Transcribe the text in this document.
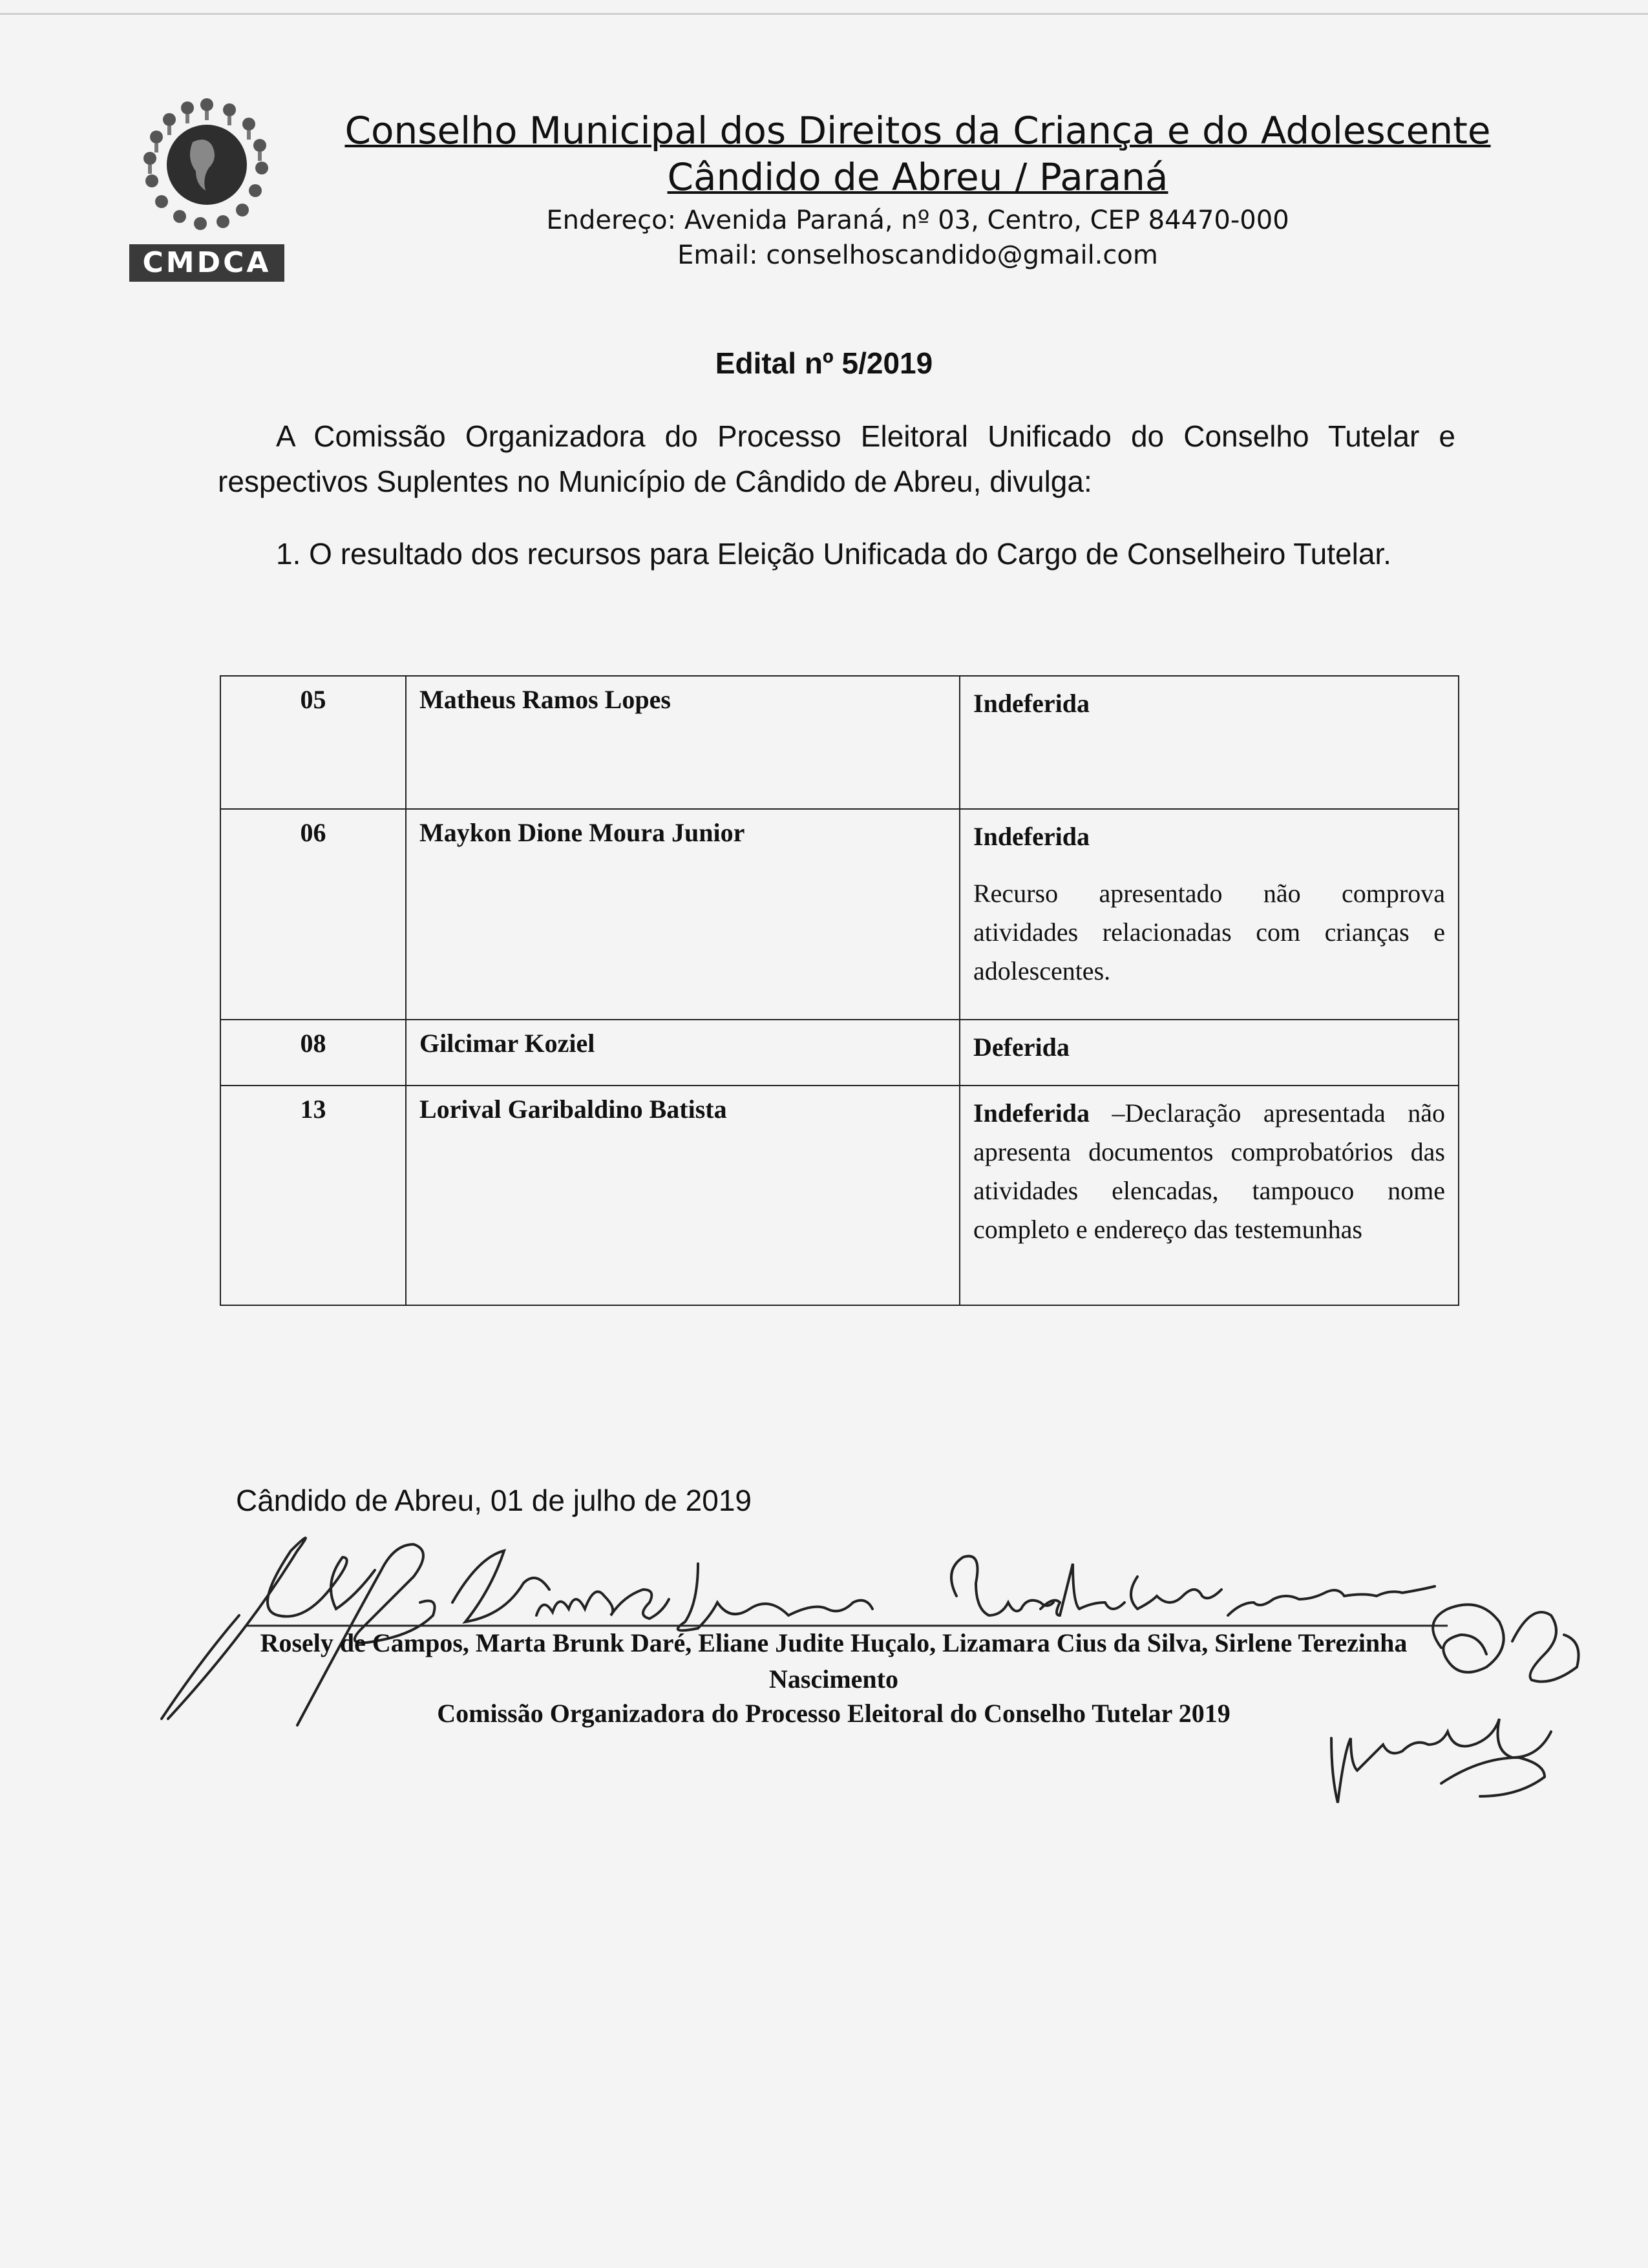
CMDCA
Conselho Municipal dos Direitos da Criança e do Adolescente
Cândido de Abreu / Paraná
Endereço: Avenida Paraná, nº 03, Centro, CEP 84470-000
Email: conselhoscandido@gmail.com
Edital nº 5/2019
A Comissão Organizadora do Processo Eleitoral Unificado do Conselho Tutelar e respectivos Suplentes no Município de Cândido de Abreu, divulga:
1. O resultado dos recursos para Eleição Unificada do Cargo de Conselheiro Tutelar.
05	Matheus Ramos Lopes	Indeferida
06	Maykon Dione Moura Junior	Indeferida
Recurso apresentado não comprova atividades relacionadas com crianças e adolescentes.

08	Gilcimar Koziel	Deferida
13	Lorival Garibaldino Batista	Indeferida – Declaração apresentada não apresenta documentos comprobatórios das atividades elencadas, tampouco nome completo e endereço das testemunhas
Cândido de Abreu, 01 de julho de 2019
Rosely de Campos, Marta Brunk Daré, Eliane Judite Huçalo, Lizamara Cius da Silva, Sirlene Terezinha Nascimento
Comissão Organizadora do Processo Eleitoral do Conselho Tutelar 2019
